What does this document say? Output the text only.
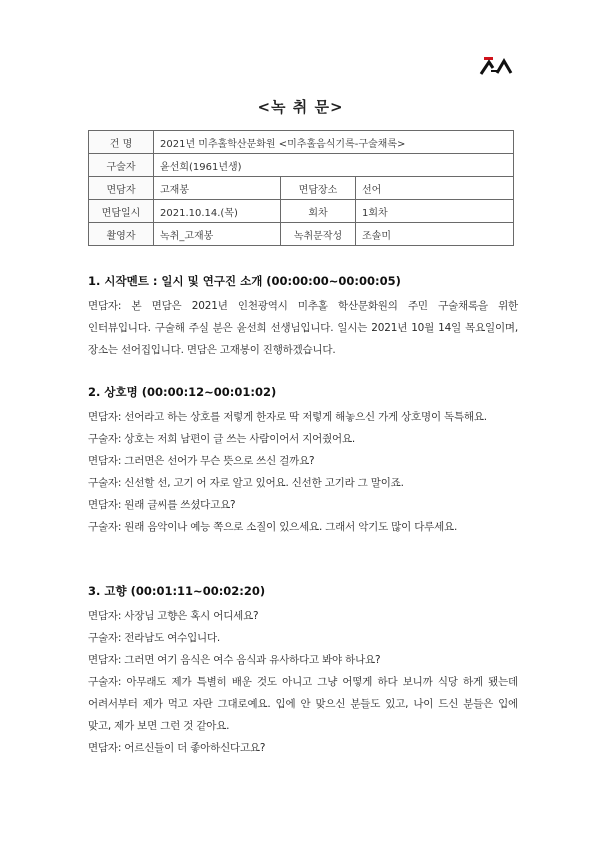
<녹 취 문>
건 명	2021년 미추홀학산문화원 <미추홀음식기록-구술채록>		
구술자	윤선희(1961년생)		
면담자	고재봉	면담장소	선어
면담일시	2021.10.14.(목)	회차	1회차
촬영자	녹취_고재봉	녹취문작성	조솔미

1. 시작멘트 : 일시 및 연구진 소개 (00:00:00~00:00:05)

면담자: 본 면담은 2021년 인천광역시 미추홀 학산문화원의 주민 구술채록을 위한 인터뷰입니다. 구술해 주실 분은 윤선희 선생님입니다. 일시는 2021년 10월 14일 목요일이며, 장소는 선어집입니다. 면담은 고재봉이 진행하겠습니다.

2. 상호명 (00:00:12~00:01:02)

면담자: 선어라고 하는 상호를 저렇게 한자로 딱 저렇게 해놓으신 가게 상호명이 독특해요.

구술자: 상호는 저희 남편이 글 쓰는 사람이어서 지어줬어요.

면담자: 그러면은 선어가 무슨 뜻으로 쓰신 걸까요?

구술자: 신선할 선, 고기 어 자로 알고 있어요. 신선한 고기라 그 말이죠.

면담자: 원래 글씨를 쓰셨다고요?

구술자: 원래 음악이나 예능 쪽으로 소질이 있으세요. 그래서 악기도 많이 다루세요.

3. 고향 (00:01:11~00:02:20)

면담자: 사장님 고향은 혹시 어디세요?

구술자: 전라남도 여수입니다.

면담자: 그러면 여기 음식은 여수 음식과 유사하다고 봐야 하나요?

구술자: 아무래도 제가 특별히 배운 것도 아니고 그냥 어떻게 하다 보니까 식당 하게 됐는데 어려서부터 제가 먹고 자란 그대로예요. 입에 안 맞으신 분들도 있고, 나이 드신 분들은 입에 맞고, 제가 보면 그런 것 같아요.

면담자: 어르신들이 더 좋아하신다고요?
